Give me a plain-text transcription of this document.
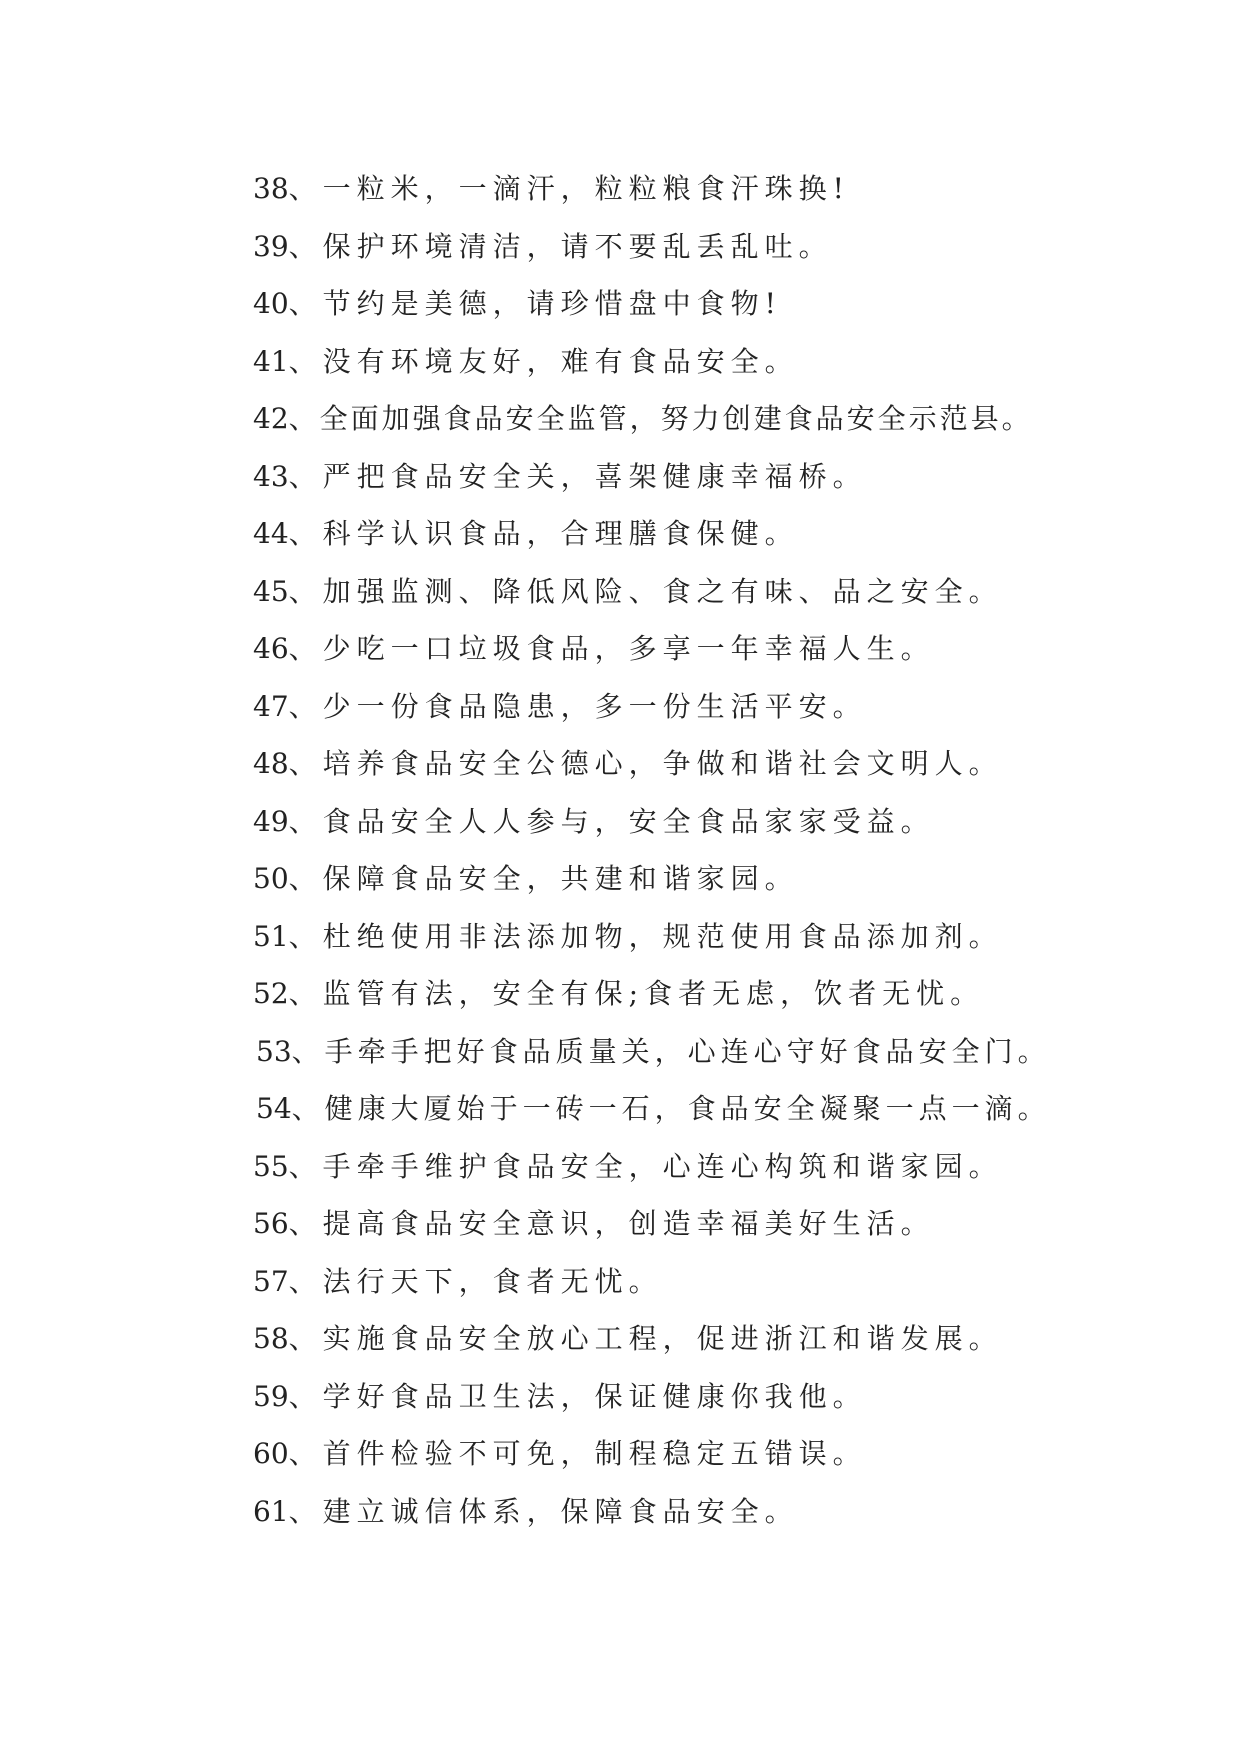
38、一粒米，一滴汗，粒粒粮食汗珠换!
39、保护环境清洁，请不要乱丢乱吐。
40、节约是美德，请珍惜盘中食物!
41、没有环境友好，难有食品安全。
42、全面加强食品安全监管，努力创建食品安全示范县。
43、严把食品安全关，喜架健康幸福桥。
44、科学认识食品，合理膳食保健。
45、加强监测、降低风险、食之有味、品之安全。
46、少吃一口垃圾食品，多享一年幸福人生。
47、少一份食品隐患，多一份生活平安。
48、培养食品安全公德心，争做和谐社会文明人。
49、食品安全人人参与，安全食品家家受益。
50、保障食品安全，共建和谐家园。
51、杜绝使用非法添加物，规范使用食品添加剂。
52、监管有法，安全有保;食者无虑，饮者无忧。
53、手牵手把好食品质量关，心连心守好食品安全门。
54、健康大厦始于一砖一石，食品安全凝聚一点一滴。
55、手牵手维护食品安全，心连心构筑和谐家园。
56、提高食品安全意识，创造幸福美好生活。
57、法行天下，食者无忧。
58、实施食品安全放心工程，促进浙江和谐发展。
59、学好食品卫生法，保证健康你我他。
60、首件检验不可免，制程稳定五错误。
61、建立诚信体系，保障食品安全。
